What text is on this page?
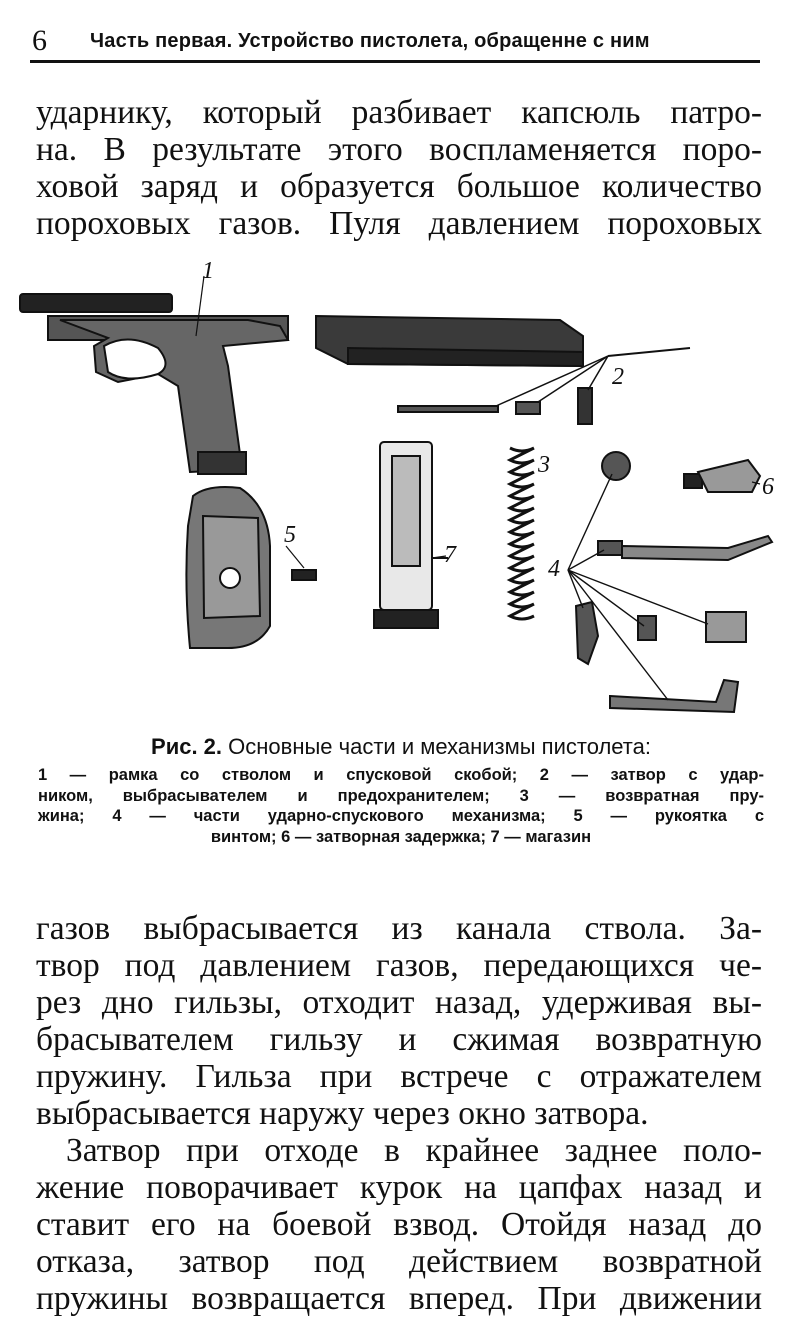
6 Часть первая. Устройство пистолета, обращенне с ним
ударнику, который разбивает капсюль патро-
на. В результате этого воспламеняется поро-
ховой заряд и образуется большое количество
пороховых газов. Пуля давлением пороховых
1
2
3
4
5
6
7
Рис. 2. Основные части и механизмы пистолета:
1 — рамка со стволом и спусковой скобой; 2 — затвор с удар-
ником, выбрасывателем и предохранителем; 3 — возвратная пру-
жина; 4 — части ударно-спускового механизма; 5 — рукоятка с
винтом; 6 — затворная задержка; 7 — магазин
газов выбрасывается из канала ствола. За-
твор под давлением газов, передающихся че-
рез дно гильзы, отходит назад, удерживая вы-
брасывателем гильзу и сжимая возвратную
пружину. Гильза при встрече с отражателем
выбрасывается наружу через окно затвора.
Затвор при отходе в крайнее заднее поло-
жение поворачивает курок на цапфах назад и
ставит его на боевой взвод. Отойдя назад до
отказа, затвор под действием возвратной
пружины возвращается вперед. При движении
